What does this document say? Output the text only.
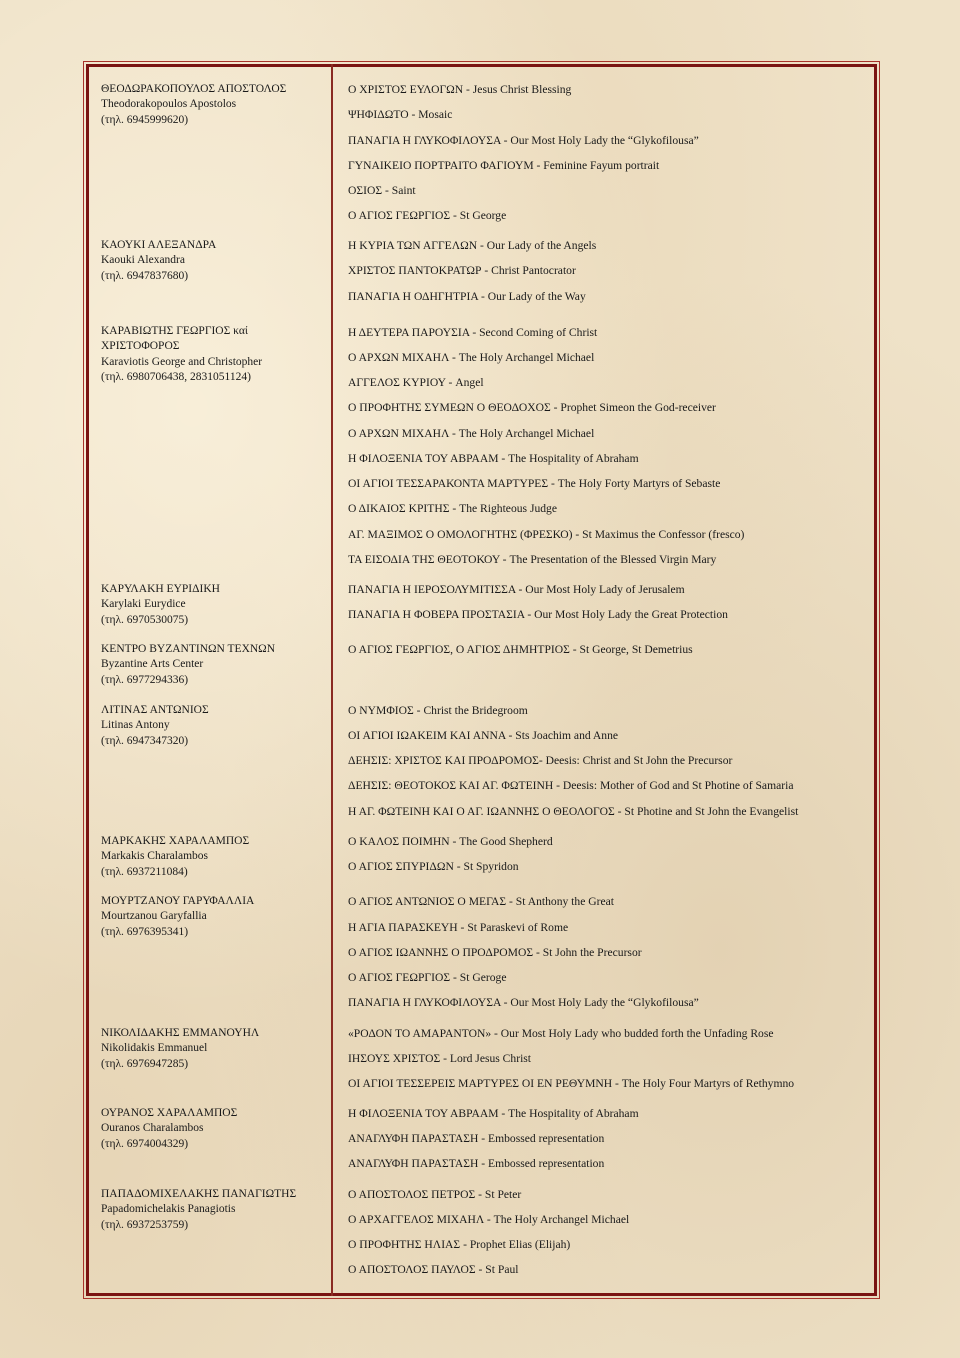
ΘΕΟΔΩΡΑΚΟΠΟΥΛΟΣ ΑΠΟΣΤΟΛΟΣ
Theodorakopoulos Apostolos
(τηλ. 6945999620)
ΚΑΟΥΚΙ ΑΛΕΞΑΝΔΡΑ
Kaouki Alexandra
(τηλ. 6947837680)
ΚΑΡΑΒΙΩΤΗΣ ΓΕΩΡΓΙΟΣ καί
ΧΡΙΣΤΟΦΟΡΟΣ
Karaviotis George and Christopher
(τηλ. 6980706438, 2831051124)
ΚΑΡΥΛΑΚΗ ΕΥΡΙΔΙΚΗ
Karylaki Eurydice
(τηλ. 6970530075)
ΚΕΝΤΡΟ ΒΥΖΑΝΤΙΝΩΝ ΤΕΧΝΩΝ
Byzantine Arts Center
(τηλ. 6977294336)
ΛΙΤΙΝΑΣ ΑΝΤΩΝΙΟΣ
Litinas Antony
(τηλ. 6947347320)
ΜΑΡΚΑΚΗΣ ΧΑΡΑΛΑΜΠΟΣ
Markakis Charalambos
(τηλ. 6937211084)
ΜΟΥΡΤΖΑΝΟΥ ΓΑΡΥΦΑΛΛΙΑ
Mourtzanou Garyfallia
(τηλ. 6976395341)
ΝΙΚΟΛΙΔΑΚΗΣ ΕΜΜΑΝΟΥΗΛ
Nikolidakis Emmanuel
(τηλ. 6976947285)
ΟΥΡΑΝΟΣ ΧΑΡΑΛΑΜΠΟΣ
Ouranos Charalambos
(τηλ. 6974004329)
ΠΑΠΑΔΟΜΙΧΕΛΑΚΗΣ ΠΑΝΑΓΙΩΤΗΣ
Papadomichelakis Panagiotis
(τηλ. 6937253759)
Ο ΧΡΙΣΤΟΣ ΕΥΛΟΓΩΝ - Jesus Christ Blessing
ΨΗΦΙΔΩΤΟ - Mosaic
ΠΑΝΑΓΙΑ Η ΓΛΥΚΟΦΙΛΟΥΣΑ - Our Most Holy Lady the “Glykofilousa”
ΓΥΝΑΙΚΕΙΟ ΠΟΡΤΡΑΙΤΟ ΦΑΓΙΟΥΜ - Feminine Fayum portrait
ΟΣΙΟΣ - Saint
Ο ΑΓΙΟΣ ΓΕΩΡΓΙΟΣ - St George
Η ΚΥΡΙΑ ΤΩΝ ΑΓΓΕΛΩΝ - Our Lady of the Angels
ΧΡΙΣΤΟΣ ΠΑΝΤΟΚΡΑΤΩΡ - Christ Pantocrator
ΠΑΝΑΓΙΑ Η ΟΔΗΓΗΤΡΙΑ - Our Lady of the Way
Η ΔΕΥΤΕΡΑ ΠΑΡΟΥΣΙΑ - Second Coming of Christ
Ο ΑΡΧΩΝ ΜΙΧΑΗΛ - The Holy Archangel Michael
ΑΓΓΕΛΟΣ ΚΥΡΙΟΥ - Angel
Ο ΠΡΟΦΗΤΗΣ ΣΥΜΕΩΝ Ο ΘΕΟΔΟΧΟΣ - Prophet Simeon the God-receiver
Ο ΑΡΧΩΝ ΜΙΧΑΗΛ - The Holy Archangel Michael
Η ΦΙΛΟΞΕΝΙΑ ΤΟΥ ΑΒΡΑΑΜ - The Hospitality of Abraham
ΟΙ ΑΓΙΟΙ ΤΕΣΣΑΡΑΚΟΝΤΑ ΜΑΡΤΥΡΕΣ - The Holy Forty Martyrs of Sebaste
Ο ΔΙΚΑΙΟΣ ΚΡΙΤΗΣ - The Righteous Judge
ΑΓ. ΜΑΞΙΜΟΣ Ο ΟΜΟΛΟΓΗΤΗΣ (ΦΡΕΣΚΟ) - St Maximus the Confessor (fresco)
ΤΑ ΕΙΣΟΔΙΑ ΤΗΣ ΘΕΟΤΟΚΟΥ - The Presentation of the Blessed Virgin Mary
ΠΑΝΑΓΙΑ Η ΙΕΡΟΣΟΛΥΜΙΤΙΣΣΑ - Our Most Holy Lady of Jerusalem
ΠΑΝΑΓΙΑ Η ΦΟΒΕΡΑ ΠΡΟΣΤΑΣΙΑ - Our Most Holy Lady the Great Protection
Ο ΑΓΙΟΣ ΓΕΩΡΓΙΟΣ, Ο ΑΓΙΟΣ ΔΗΜΗΤΡΙΟΣ - St George, St Demetrius
Ο ΝΥΜΦΙΟΣ - Christ the Bridegroom
ΟΙ ΑΓΙΟΙ ΙΩΑΚΕΙΜ ΚΑΙ ΑΝΝΑ - Sts Joachim and Anne
ΔΕΗΣΙΣ: ΧΡΙΣΤΟΣ ΚΑΙ ΠΡΟΔΡΟΜΟΣ- Deesis: Christ and St John the Precursor
ΔΕΗΣΙΣ: ΘΕΟΤΟΚΟΣ ΚΑΙ ΑΓ. ΦΩΤΕΙΝΗ - Deesis: Mother of God and St Photine of Samaria
Η ΑΓ. ΦΩΤΕΙΝΗ ΚΑΙ Ο ΑΓ. ΙΩΑΝΝΗΣ Ο ΘΕΟΛΟΓΟΣ - St Photine and St John the Evangelist
Ο ΚΑΛΟΣ ΠΟΙΜΗΝ - The Good Shepherd
Ο ΑΓΙΟΣ ΣΠΥΡΙΔΩΝ - St Spyridon
Ο ΑΓΙΟΣ ΑΝΤΩΝΙΟΣ Ο ΜΕΓΑΣ - St Anthony the Great
Η ΑΓΙΑ ΠΑΡΑΣΚΕΥΗ - St Paraskevi of Rome
Ο ΑΓΙΟΣ ΙΩΑΝΝΗΣ Ο ΠΡΟΔΡΟΜΟΣ - St John the Precursor
Ο ΑΓΙΟΣ ΓΕΩΡΓΙΟΣ - St Geroge
ΠΑΝΑΓΙΑ Η ΓΛΥΚΟΦΙΛΟΥΣΑ - Our Most Holy Lady the “Glykofilousa”
«ΡΟΔΟΝ ΤΟ ΑΜΑΡΑΝΤΟΝ» - Our Most Holy Lady who budded forth the Unfading Rose
ΙΗΣΟΥΣ ΧΡΙΣΤΟΣ - Lord Jesus Christ
ΟΙ ΑΓΙΟΙ ΤΕΣΣΕΡΕΙΣ ΜΑΡΤΥΡΕΣ ΟΙ ΕΝ ΡΕΘΥΜΝΗ - The Holy Four Martyrs of Rethymno
Η ΦΙΛΟΞΕΝΙΑ ΤΟΥ ΑΒΡΑΑΜ - The Hospitality of Abraham
ΑΝΑΓΛΥΦΗ ΠΑΡΑΣΤΑΣΗ - Embossed representation
ΑΝΑΓΛΥΦΗ ΠΑΡΑΣΤΑΣΗ - Embossed representation
Ο ΑΠΟΣΤΟΛΟΣ ΠΕΤΡΟΣ - St Peter
Ο ΑΡΧΑΓΓΕΛΟΣ ΜΙΧΑΗΛ - The Holy Archangel Michael
Ο ΠΡΟΦΗΤΗΣ ΗΛΙΑΣ - Prophet Elias (Elijah)
Ο ΑΠΟΣΤΟΛΟΣ ΠΑΥΛΟΣ - St Paul
